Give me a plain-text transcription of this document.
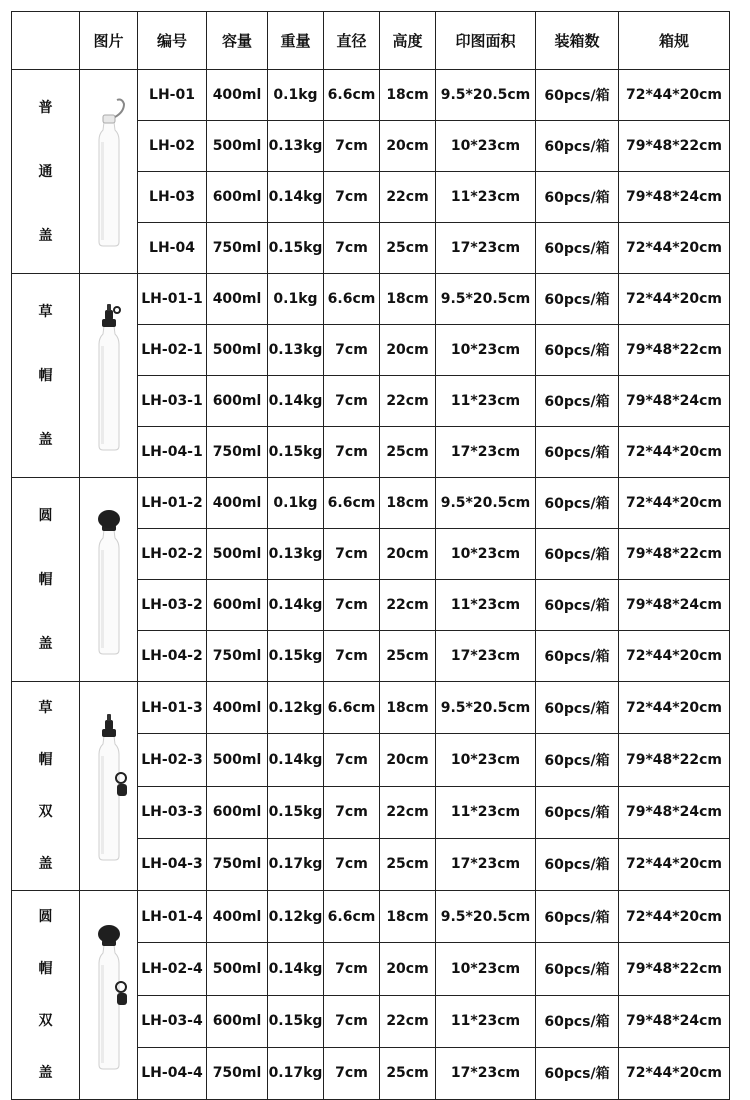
	图片	编号	容量	重量	直径	高度	印图面积	装箱数	箱规

普
通
盖		LH-01	400ml	0.1kg	6.6cm	18cm	9.5*20.5cm	60pcs/箱	72*44*20cm
		LH-02	500ml	0.13kg	7cm	20cm	10*23cm	60pcs/箱	79*48*22cm
		LH-03	600ml	0.14kg	7cm	22cm	11*23cm	60pcs/箱	79*48*24cm
		LH-04	750ml	0.15kg	7cm	25cm	17*23cm	60pcs/箱	72*44*20cm

草
帽
盖		LH-01-1	400ml	0.1kg	6.6cm	18cm	9.5*20.5cm	60pcs/箱	72*44*20cm
		LH-02-1	500ml	0.13kg	7cm	20cm	10*23cm	60pcs/箱	79*48*22cm
		LH-03-1	600ml	0.14kg	7cm	22cm	11*23cm	60pcs/箱	79*48*24cm
		LH-04-1	750ml	0.15kg	7cm	25cm	17*23cm	60pcs/箱	72*44*20cm

圆
帽
盖		LH-01-2	400ml	0.1kg	6.6cm	18cm	9.5*20.5cm	60pcs/箱	72*44*20cm
		LH-02-2	500ml	0.13kg	7cm	20cm	10*23cm	60pcs/箱	79*48*22cm
		LH-03-2	600ml	0.14kg	7cm	22cm	11*23cm	60pcs/箱	79*48*24cm
		LH-04-2	750ml	0.15kg	7cm	25cm	17*23cm	60pcs/箱	72*44*20cm

草
帽
双
盖		LH-01-3	400ml	0.12kg	6.6cm	18cm	9.5*20.5cm	60pcs/箱	72*44*20cm
		LH-02-3	500ml	0.14kg	7cm	20cm	10*23cm	60pcs/箱	79*48*22cm
		LH-03-3	600ml	0.15kg	7cm	22cm	11*23cm	60pcs/箱	79*48*24cm
		LH-04-3	750ml	0.17kg	7cm	25cm	17*23cm	60pcs/箱	72*44*20cm

圆
帽
双
盖		LH-01-4	400ml	0.12kg	6.6cm	18cm	9.5*20.5cm	60pcs/箱	72*44*20cm
		LH-02-4	500ml	0.14kg	7cm	20cm	10*23cm	60pcs/箱	79*48*22cm
		LH-03-4	600ml	0.15kg	7cm	22cm	11*23cm	60pcs/箱	79*48*24cm
		LH-04-4	750ml	0.17kg	7cm	25cm	17*23cm	60pcs/箱	72*44*20cm
